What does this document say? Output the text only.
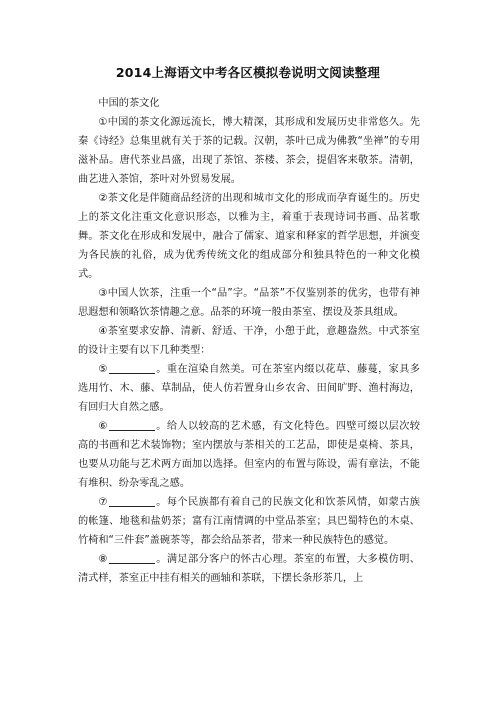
2014上海语文中考各区模拟卷说明文阅读整理

中国的茶文化

①中国的茶文化源远流长，博大精深，其形成和发展历史非常悠久。先秦《诗经》总集里就有关于茶的记载。汉朝，茶叶已成为佛教“坐禅”的专用滋补品。唐代茶业昌盛，出现了茶馆、茶楼、茶会，提倡客来敬茶。清朝，曲艺进入茶馆，茶叶对外贸易发展。

②茶文化是伴随商品经济的出现和城市文化的形成而孕育诞生的。历史上的茶文化注重文化意识形态，以雅为主，着重于表现诗词书画、品茗歌舞。茶文化在形成和发展中，融合了儒家、道家和释家的哲学思想，并演变为各民族的礼俗，成为优秀传统文化的组成部分和独具特色的一种文化模式。

③中国人饮茶，注重一个“品”字。“品茶”不仅鉴别茶的优劣，也带有神思遐想和领略饮茶情趣之意。品茶的环境一般由茶室、摆设及茶具组成。

④茶室要求安静、清新、舒适、干净，小憩于此，意趣盎然。中式茶室的设计主要有以下几种类型：

⑤	。重在渲染自然美。可在茶室内缀以花草、藤蔓，家具多选用竹、木、藤、草制品，使人仿若置身山乡农舍、田间旷野、渔村海边，有回归大自然之感。

⑥	。给人以较高的艺术感，有文化特色。四壁可缀以层次较高的书画和艺术装饰物；室内摆放与茶相关的工艺品，即使是桌椅、茶具，也要从功能与艺术两方面加以选择。但室内的布置与陈设，需有章法，不能有堆积、纷杂零乱之感。

⑦	。每个民族都有着自己的民族文化和饮茶风情，如蒙古族的帐篷、地毯和盐奶茶；富有江南情调的中堂品茶室；具巴蜀特色的木桌、竹椅和“三件套”盖碗茶等，都会给品茶者，带来一种民族特色的感觉。

⑧	。满足部分客户的怀古心理。茶室的布置，大多模仿明、清式样，茶室正中挂有相关的画轴和茶联，下摆长条形茶几，上
